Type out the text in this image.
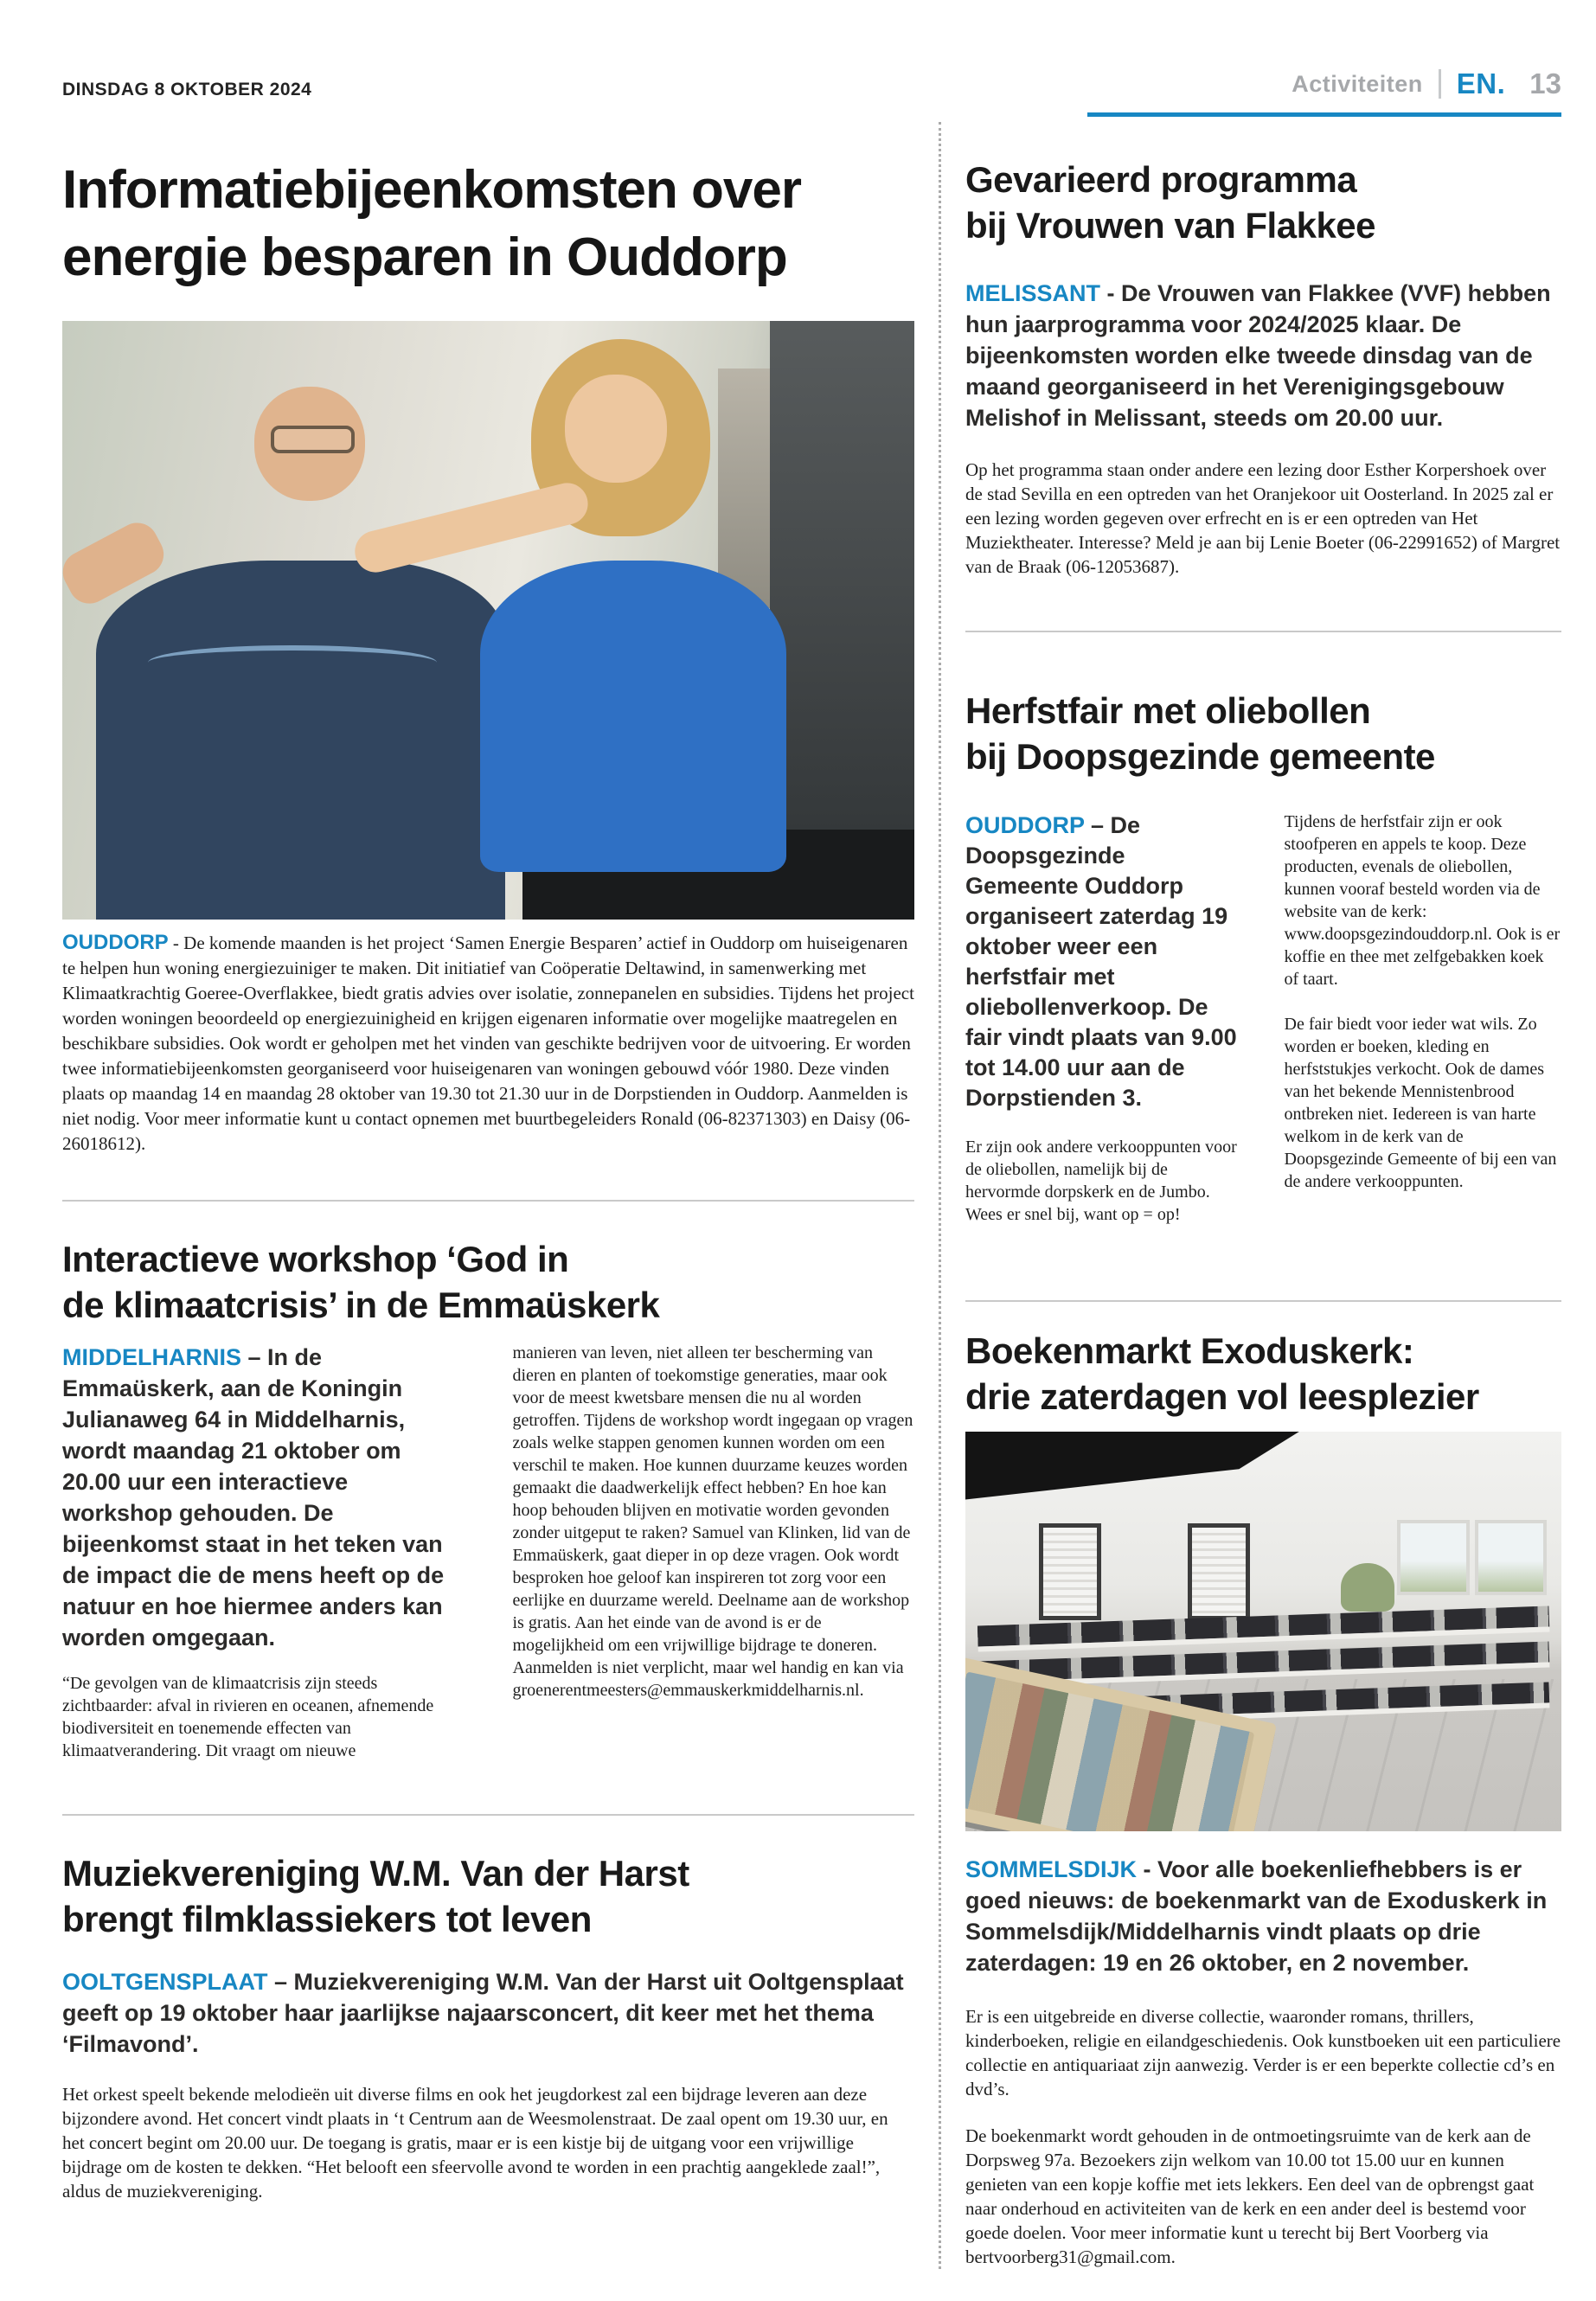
DINSDAG 8 OKTOBER 2024	Activiteiten EN. 13
Informatiebijeenkomsten over
energie besparen in Ouddorp

OUDDORP - De komende maanden is het project ‘Samen Energie Besparen’ actief in Ouddorp om huiseigenaren te helpen hun woning energiezuiniger te maken. Dit initiatief van Coöperatie Deltawind, in samenwerking met Klimaatkrachtig Goeree-Overflakkee, biedt gratis advies over isolatie, zonnepanelen en subsidies. Tijdens het project worden woningen beoordeeld op energiezuinigheid en krijgen eigenaren informatie over mogelijke maatregelen en beschikbare subsidies. Ook wordt er geholpen met het vinden van geschikte bedrijven voor de uitvoering. Er worden twee informatiebijeenkomsten georganiseerd voor huiseigenaren van woningen gebouwd vóór 1980. Deze vinden plaats op maandag 14 en maandag 28 oktober van 19.30 tot 21.30 uur in de Dorpstienden in Ouddorp. Aanmelden is niet nodig. Voor meer informatie kunt u contact opnemen met buurtbegeleiders Ronald (06-82371303) en Daisy (06-26018612).

Interactieve workshop ‘God in
de klimaatcrisis’ in de Emmaüskerk

MIDDELHARNIS – In de Emmaüskerk, aan de Koningin Julianaweg 64 in Middelharnis, wordt maandag 21 oktober om 20.00 uur een interactieve workshop gehouden. De bijeenkomst staat in het teken van de impact die de mens heeft op de natuur en hoe hiermee anders kan worden omgegaan.

“De gevolgen van de klimaatcrisis zijn steeds zichtbaarder: afval in rivieren en oceanen, afnemende biodiversiteit en toenemende effecten van klimaatverandering. Dit vraagt om nieuwe

manieren van leven, niet alleen ter bescherming van dieren en planten of toekomstige generaties, maar ook voor de meest kwetsbare mensen die nu al worden getroffen. Tijdens de workshop wordt ingegaan op vragen zoals welke stappen genomen kunnen worden om een verschil te maken. Hoe kunnen duurzame keuzes worden gemaakt die daadwerkelijk effect hebben? En hoe kan hoop behouden blijven en motivatie worden gevonden zonder uitgeput te raken? Samuel van Klinken, lid van de Emmaüskerk, gaat dieper in op deze vragen. Ook wordt besproken hoe geloof kan inspireren tot zorg voor een eerlijke en duurzame wereld. Deelname aan de workshop is gratis. Aan het einde van de avond is er de mogelijkheid om een vrijwillige bijdrage te doneren. Aanmelden is niet verplicht, maar wel handig en kan via groenerentmeesters@emmauskerkmiddelharnis.nl.

Muziekvereniging W.M. Van der Harst
brengt filmklassiekers tot leven

OOLTGENSPLAAT – Muziekvereniging W.M. Van der Harst uit Ooltgensplaat geeft op 19 oktober haar jaarlijkse najaarsconcert, dit keer met het thema ‘Filmavond’.

Het orkest speelt bekende melodieën uit diverse films en ook het jeugdorkest zal een bijdrage leveren aan deze bijzondere avond. Het concert vindt plaats in ‘t Centrum aan de Weesmolenstraat. De zaal opent om 19.30 uur, en het concert begint om 20.00 uur. De toegang is gratis, maar er is een kistje bij de uitgang voor een vrijwillige bijdrage om de kosten te dekken. “Het belooft een sfeervolle avond te worden in een prachtig aangeklede zaal!”, aldus de muziekvereniging.

Gevarieerd programma
bij Vrouwen van Flakkee

MELISSANT - De Vrouwen van Flakkee (VVF) hebben hun jaarprogramma voor 2024/2025 klaar. De bijeenkomsten worden elke tweede dinsdag van de maand georganiseerd in het Verenigingsgebouw Melishof in Melissant, steeds om 20.00 uur.

Op het programma staan onder andere een lezing door Esther Korpershoek over de stad Sevilla en een optreden van het Oranjekoor uit Oosterland. In 2025 zal er een lezing worden gegeven over erfrecht en is er een optreden van Het Muziektheater. Interesse? Meld je aan bij Lenie Boeter (06-22991652) of Margret van de Braak (06-12053687).

Herfstfair met oliebollen
bij Doopsgezinde gemeente

OUDDORP – De Doopsgezinde Gemeente Ouddorp organiseert zaterdag 19 oktober weer een herfstfair met oliebollenverkoop. De fair vindt plaats van 9.00 tot 14.00 uur aan de Dorpstienden 3.

Er zijn ook andere verkooppunten voor de oliebollen, namelijk bij de hervormde dorpskerk en de Jumbo. Wees er snel bij, want op = op!

Tijdens de herfstfair zijn er ook stoofperen en appels te koop. Deze producten, evenals de oliebollen, kunnen vooraf besteld worden via de website van de kerk: www.doopsgezindouddorp.nl. Ook is er koffie en thee met zelfgebakken koek of taart.

De fair biedt voor ieder wat wils. Zo worden er boeken, kleding en herfststukjes verkocht. Ook de dames van het bekende Mennistenbrood ontbreken niet. Iedereen is van harte welkom in de kerk van de Doopsgezinde Gemeente of bij een van de andere verkooppunten.

Boekenmarkt Exoduskerk:
drie zaterdagen vol leesplezier

SOMMELSDIJK - Voor alle boekenliefhebbers is er goed nieuws: de boekenmarkt van de Exoduskerk in Sommelsdijk/Middelharnis vindt plaats op drie zaterdagen: 19 en 26 oktober, en 2 november.

Er is een uitgebreide en diverse collectie, waaronder romans, thrillers, kinderboeken, religie en eilandgeschiedenis. Ook kunstboeken uit een particuliere collectie en antiquariaat zijn aanwezig. Verder is er een beperkte collectie cd’s en dvd’s.

De boekenmarkt wordt gehouden in de ontmoetingsruimte van de kerk aan de Dorpsweg 97a. Bezoekers zijn welkom van 10.00 tot 15.00 uur en kunnen genieten van een kopje koffie met iets lekkers. Een deel van de opbrengst gaat naar onderhoud en activiteiten van de kerk en een ander deel is bestemd voor goede doelen. Voor meer informatie kunt u terecht bij Bert Voorberg via bertvoorberg31@gmail.com.
